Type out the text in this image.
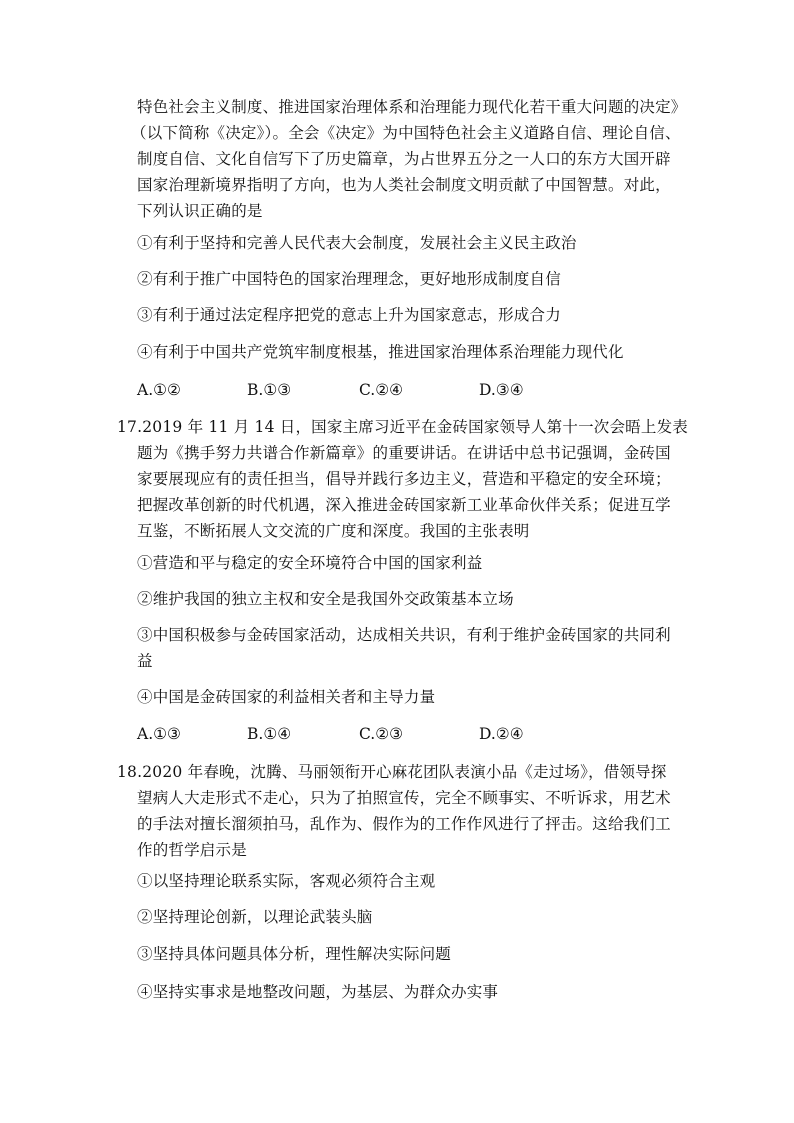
特色社会主义制度、推进国家治理体系和治理能力现代化若干重大问题的决定》
（以下简称《决定》）。全会《决定》为中国特色社会主义道路自信、理论自信、
制度自信、文化自信写下了历史篇章，为占世界五分之一人口的东方大国开辟
国家治理新境界指明了方向，也为人类社会制度文明贡献了中国智慧。对此，
下列认识正确的是
①有利于坚持和完善人民代表大会制度，发展社会主义民主政治
②有利于推广中国特色的国家治理理念，更好地形成制度自信
③有利于通过法定程序把党的意志上升为国家意志，形成合力
④有利于中国共产党筑牢制度根基，推进国家治理体系治理能力现代化
A.①②	B.①③	C.②④	D.③④
17.2019 年 11 月 14 日，国家主席习近平在金砖国家领导人第十一次会晤上发表
题为《携手努力共谱合作新篇章》的重要讲话。在讲话中总书记强调，金砖国
家要展现应有的责任担当，倡导并践行多边主义，营造和平稳定的安全环境；
把握改革创新的时代机遇，深入推进金砖国家新工业革命伙伴关系；促进互学
互鉴，不断拓展人文交流的广度和深度。我国的主张表明
①营造和平与稳定的安全环境符合中国的国家利益
②维护我国的独立主权和安全是我国外交政策基本立场
③中国积极参与金砖国家活动，达成相关共识，有利于维护金砖国家的共同利
益
④中国是金砖国家的利益相关者和主导力量
A.①③	B.①④	C.②③	D.②④
18.2020 年春晚，沈腾、马丽领衔开心麻花团队表演小品《走过场》，借领导探
望病人大走形式不走心，只为了拍照宣传，完全不顾事实、不听诉求，用艺术
的手法对擅长溜须拍马，乱作为、假作为的工作作风进行了抨击。这给我们工
作的哲学启示是
①以坚持理论联系实际，客观必须符合主观
②坚持理论创新，以理论武装头脑
③坚持具体问题具体分析，理性解决实际问题
④坚持实事求是地整改问题，为基层、为群众办实事
